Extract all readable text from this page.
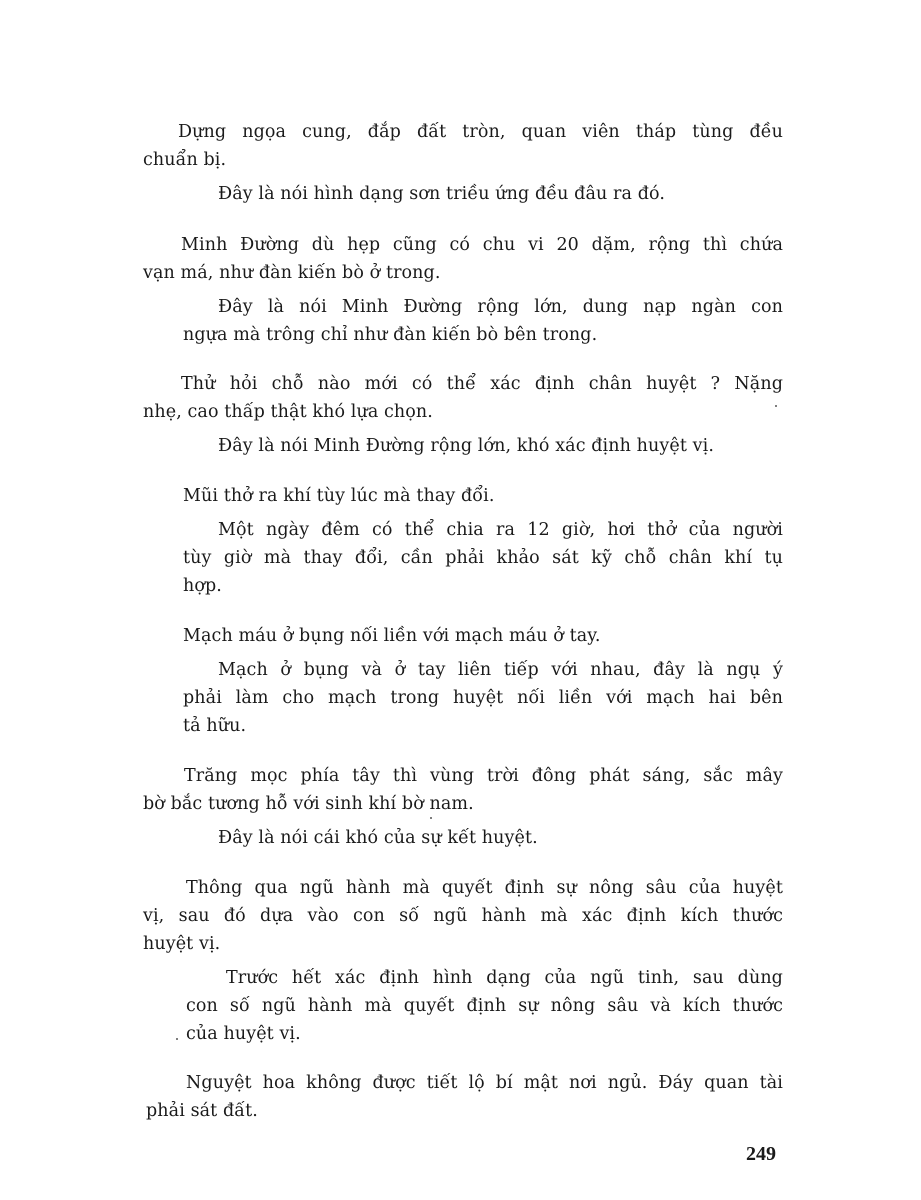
Dựng ngọa cung, đắp đất tròn, quan viên tháp tùng đều
chuẩn bị.
Đây là nói hình dạng sơn triều ứng đều đâu ra đó.
Minh Đường dù hẹp cũng có chu vi 20 dặm, rộng thì chứa
vạn má, như đàn kiến bò ở trong.
Đây là nói Minh Đường rộng lớn, dung nạp ngàn con
ngựa mà trông chỉ như đàn kiến bò bên trong.
Thử hỏi chỗ nào mới có thể xác định chân huyệt ? Nặng
nhẹ, cao thấp thật khó lựa chọn.
Đây là nói Minh Đường rộng lớn, khó xác định huyệt vị.
Mũi thở ra khí tùy lúc mà thay đổi.
Một ngày đêm có thể chia ra 12 giờ, hơi thở của người
tùy giờ mà thay đổi, cần phải khảo sát kỹ chỗ chân khí tụ
hợp.
Mạch máu ở bụng nối liền với mạch máu ở tay.
Mạch ở bụng và ở tay liên tiếp với nhau, đây là ngụ ý
phải làm cho mạch trong huyệt nối liền với mạch hai bên
tả hữu.
Trăng mọc phía tây thì vùng trời đông phát sáng, sắc mây
bờ bắc tương hỗ với sinh khí bờ nam.
Đây là nói cái khó của sự kết huyệt.
Thông qua ngũ hành mà quyết định sự nông sâu của huyệt
vị, sau đó dựa vào con số ngũ hành mà xác định kích thước
huyệt vị.
Trước hết xác định hình dạng của ngũ tinh, sau dùng
con số ngũ hành mà quyết định sự nông sâu và kích thước
của huyệt vị.
Nguyệt hoa không được tiết lộ bí mật nơi ngủ. Đáy quan tài
phải sát đất.
249
